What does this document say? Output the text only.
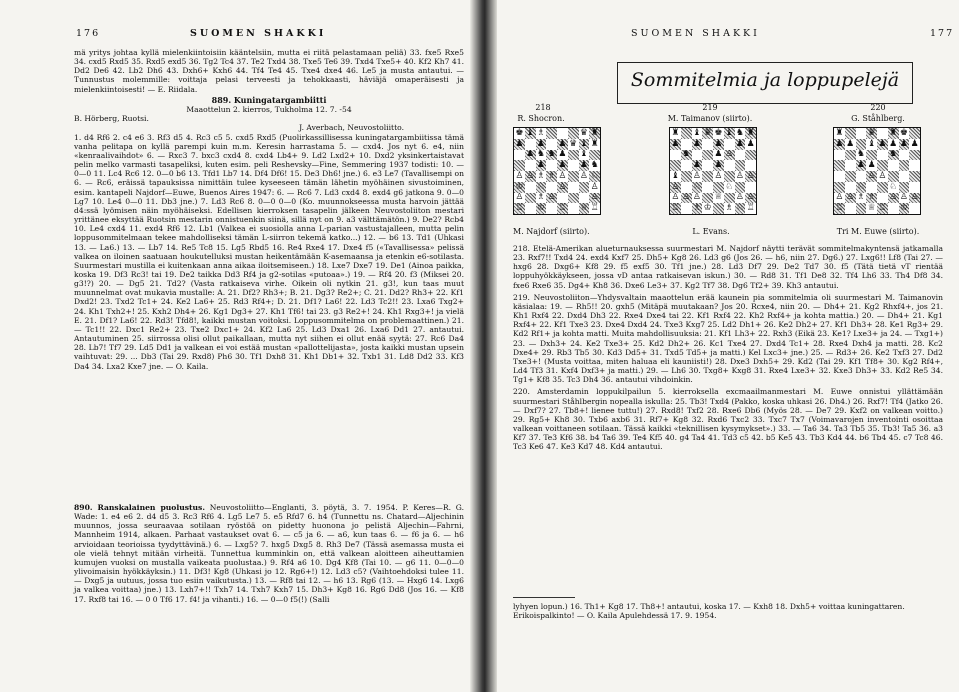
176	SUOMEN SHAKKI

mä yritys johtaa kyllä mielenkiintoisiin kääntelsiin, mutta ei riitä pelastamaan peliä) 33. fxe5 Rxe5 34. cxd5 Rxd5 35. Rxd5 exd5 36. Tg2 Tc4 37. Te2 Txd4 38. Txe5 Te6 39. Txd4 Txe5+ 40. Kf2 Kh7 41. Dd2 De6 42. Lb2 Dh6 43. Dxh6+ Kxh6 44. Tf4 Te4 45. Txe4 dxe4 46. Le5 ja musta antautui. — Tunnustus molemmille: voittaja pelasi terveesti ja tehokkaasti, häviäjä omaperäisesti ja mielenkiintoisesti! — E. Riidala.

889. Kuningatargambiitti

Maaottelun 2. kierros, Tukholma 12. 7. -54

B. Hörberg, Ruotsi.

J. Averbach, Neuvostoliitto.

1. d4 Rf6 2. c4 e6 3. Rf3 d5 4. Rc3 c5 5. cxd5 Rxd5 (Puolirkassillisessa kuningatargambiitissa tämä vanha pelitapa on kyllä parempi kuin m.m. Keresin harrastama 5. — cxd4. Jos nyt 6. e4, niin «kenraalivaihdot» 6. — Rxc3 7. bxc3 cxd4 8. cxd4 Lb4+ 9. Ld2 Lxd2+ 10. Dxd2 yksinkertaistavat pelin melko varmasti tasapeliksi, kuten esim. peli Reshevsky—Fine, Semmering 1937 todisti: 10. — 0—0 11. Lc4 Rc6 12. 0—0 b6 13. Tfd1 Lb7 14. Df4 Df6! 15. De3 Dh6! jne.) 6. e3 Le7 (Tavallisempi on 6. — Rc6, eräissä tapauksissa nimittäin tulee kyseeseen tämän lähetin myöhäinen sivustoiminen, esim. kantapeli Najdorf—Euwe, Buenos Aires 1947: 6. — Rc6 7. Ld3 cxd4 8. exd4 g6 jatkona 9. 0—0 Lg7 10. Le4 0—0 11. Db3 jne.) 7. Ld3 Rc6 8. 0—0 0—0 (Ko. muunnokseessa musta harvoin jättää d4:ssä lyömisen näin myöhäiseksi. Edellisen kierroksen tasapelin jälkeen Neuvostoliiton mestari yrittänee eksyttää Ruotsin mestarin onnistuenkin siinä, sillä nyt on 9. a3 välttämätön.) 9. De2? Rcb4 10. Le4 cxd4 11. exd4 Rf6 12. Lb1 (Valkea ei suosiolla anna L-parian vastustajalleen, mutta pelin loppusommitelmaan tekee mahdolliseksi tämän L-siirron tekemä katko...) 12. — b6 13. Td1 (Uhkasi 13. — La6.) 13. — Lb7 14. Re5 Tc8 15. Lg5 Rbd5 16. Re4 Rxe4 17. Dxe4 f5 («Tavallisessa» pelissä valkea on iloinen saatuaan houkutelluksi mustan heikentämään K-asemaansa ja etenkin e6-sotilasta. Suurmestari mustilla ei kuitenkaan anna aikaa iloitsemiseen.) 18. Lxe7 Dxe7 19. De1 (Ainoa paikka, koska 19. Df3 Rc3! tai 19. De2 taikka Dd3 Rf4 ja g2-sotilas «putoaa».) 19. — Rf4 20. f3 (Miksei 20. g3!?) 20. — Dg5 21. Td2? (Vasta ratkaiseva virhe. Oikein oli nytkin 21. g3!, kun taas muut muunnelmat ovat mukavia mustalle: A. 21. Df2? Rh3+; B. 21. Dg3? Re2+; C. 21. Dd2? Rh3+ 22. Kf1 Dxd2! 23. Txd2 Tc1+ 24. Ke2 La6+ 25. Rd3 Rf4+; D. 21. Df1? La6! 22. Ld3 Tc2!! 23. Lxa6 Txg2+ 24. Kh1 Txh2+! 25. Kxh2 Dh4+ 26. Kg1 Dg3+ 27. Kh1 Tf6! tai 23. g3 Re2+! 24. Kh1 Rxg3+! ja vielä E. 21. Df1? La6! 22. Rd3! Tfd8!, kaikki mustan voitoksi. Loppusommitelma on problemaattinen.) 21. — Tc1!! 22. Dxc1 Re2+ 23. Txe2 Dxc1+ 24. Kf2 La6 25. Ld3 Dxa1 26. Lxa6 Dd1 27. antautui. Antautuminen 25. siirrossa olisi ollut paikallaan, mutta nyt siihen ei ollut enää syytä: 27. Rc6 Da4 28. Lb7! Tf7 29. Ld5 Dd1 ja valkean ei voi estää mustan «pallottelijasta», josta kaikki mustan upsein vaihtuvat: 29. ... Db3 (Tai 29. Rxd8) Ph6 30. Tf1 Dxh8 31. Kh1 Db1+ 32. Txb1 31. Ld8 Dd2 33. Kf3 Da4 34. Lxa2 Kxe7 jne. — O. Kaila.

890. Ranskalainen puolustus. Neuvostoliitto—Englanti, 3. pöytä, 3. 7. 1954. P. Keres—R. G. Wade: 1. e4 e6 2. d4 d5 3. Rc3 Rf6 4. Lg5 Le7 5. e5 Rfd7 6. h4 (Tunnettu ns. Chatard—Aljechinin muunnos, jossa seuraavaa sotilaan ryöstöä on pidetty huonona jo pelistä Aljechin—Fahrni, Mannheim 1914, alkaen. Parhaat vastaukset ovat 6. — c5 ja 6. — a6, kun taas 6. — f6 ja 6. — h6 arvioidaan teorioissa tyydyttävinä.) 6. — Lxg5? 7. hxg5 Dxg5 8. Rh3 De7 (Tässä asemassa musta ei ole vielä tehnyt mitään virheitä. Tunnettua kumminkin on, että valkean aloitteen aiheuttamien kumujen vuoksi on mustalla vaikeata puolustaa.) 9. Rf4 a6 10. Dg4 Kf8 (Tai 10. — g6 11. 0—0—0 ylivoimaisin hyökkäyksin.) 11. Df3! Kg8 (Uhkasi jo 12. Rg6+!) 12. Ld3 c5? (Vaihtoehdoksi tulee 11. — Dxg5 ja uutuus, jossa tuo esiin vaikutusta.) 13. — Rf8 tai 12. — h6 13. Rg6 (13. — Hxg6 14. Lxg6 ja valkea voittaa) jne.) 13. Lxh7+!! Txh7 14. Txh7 Kxh7 15. Dh3+ Kg8 16. Rg6 Dd8 (Jos 16. — Kf8 17. Rxf8 tai 16. — 0 0 Tf6 17. f4! ja vihanti.) 16. — 0—0 f5(!) (Salli

SUOMEN SHAKKI	177
Sommitelmia ja loppupelejä
218
R. Shocron.
♚ ♝ ♗	♛ ♜
♟ ♟ ♟ ♛ ♝ ♜
♟ ♞ ♞ ♟ ♝
♟ ♟ ♟ ♞
♙ ♙ ♗ ♗ ♙ ♙ ♘
♔ ♘ ♙	♙
♙ ♗ ♙	♙
♖ ♔ ♖ ♕ ♖
M. Najdorf (siirto).
219
M. Taimanov (siirto).
♜ ♝ ♛ ♚ ♝ ♞ ♜
♟ ♟ ♟ ♟ ♟
♞	♟ ♙
♟ ♟
♝ ♙ ♙ ♙ ♙
♙ ♘	♘
♙ ♙ ♙ ♕ ♙ ♙
♖ ♗ ♔ ♗ ♘ ♖
L. Evans.
220
G. Ståhlberg.
♜	♛ ♜ ♚
♟ ♟ ♝ ♟ ♟ ♟ ♟
♞	♞
♟ ♟
♙ ♙
♘	♘
♙ ♙ ♗ ♗ ♙ ♙ ♙
♖	♕ ♖ ♔
Tri M. Euwe (siirto).

218. Etelä-Amerikan alueturnauksessa suurmestari M. Najdorf näytti terävät sommitelmakyntensä jatkamalla 23. Rxf7!! Txd4 24. exd4 Kxf7 25. Dh5+ Kg8 26. Ld3 g6 (Jos 26. — h6, niin 27. Dg6.) 27. Lxg6!! Lf8 (Tai 27. — hxg6 28. Dxg6+ Kf8 29. f5 exf5 30. Tf1 jne.) 28. Ld3 Df7 29. De2 Td7 30. f5 (Tätä tietä vT rientää loppuhyökkäykseen, jossa vD antaa ratkaisevan iskun.) 30. — Rd8 31. Tf1 De8 32. Tf4 Lh6 33. Th4 Df8 34. fxe6 Rxe6 35. Dg4+ Kh8 36. Dxe6 Le3+ 37. Kg2 Tf7 38. Dg6 Tf2+ 39. Kh3 antautui.

219. Neuvostoliiton—Yhdysvaltain maaottelun erää kaunein pia sommitelmia oli suurmestari M. Taimanovin käsialaa: 19. — Rh5!! 20. gxh5 (Mitäpä muutakaan? Jos 20. Rcxe4, niin 20. — Dh4+ 21. Kg2 Rhxf4+, jos 21. Kh1 Rxf4 22. Dxd4 Dh3 22. Rxe4 Dxe4 tai 22. Kf1 Rxf4 22. Kh2 Rxf4+ ja kohta mattia.) 20. — Dh4+ 21. Kg1 Rxf4+ 22. Kf1 Txe3 23. Dxe4 Dxd4 24. Txe3 Kxg7 25. Ld2 Dh1+ 26. Ke2 Dh2+ 27. Kf1 Dh3+ 28. Ke1 Rg3+ 29. Kd2 Rf1+ ja kohta matti. Muita mahdollisuuksia: 21. Kf1 Lh3+ 22. Rxh3 (Eikä 23. Ke1? Lxe3+ ja 24. — Txg1+) 23. — Dxh3+ 24. Ke2 Txe3+ 25. Kd2 Dh2+ 26. Kc1 Txe4 27. Dxd4 Tc1+ 28. Rxe4 Dxh4 ja matti. 28. Kc2 Dxe4+ 29. Rb3 Tb5 30. Kd3 Dd5+ 31. Txd5 Td5+ ja matti.) Kel Lxc3+ jne.) 25. — Rd3+ 26. Ke2 Txf3 27. Dd2 Txe3+! (Musta voittaa, miten haluaa eli kauniisti!) 28. Dxe3 Dxh5+ 29. Kd2 (Tai 29. Kf1 Tf8+ 30. Kg2 Rf4+, Ld4 Tf3 31. Kxf4 Dxf3+ ja matti.) 29. — Lh6 30. Txg8+ Kxg8 31. Rxe4 Lxe3+ 32. Kxe3 Dh3+ 33. Kd2 Re5 34. Tg1+ Kf8 35. Tc3 Dh4 36. antautui vihdoinkin.

220. Amsterdamin loppukilpailun 5. kierroksella excmaailmanmestari M. Euwe onnistui yllättämään suurmestari Ståhlbergin nopealla iskulla: 25. Tb3! Txd4 (Pakko, koska uhkasi 26. Dh4.) 26. Rxf7! Tf4 (Jatko 26. — Dxf7? 27. Tb8+! lienee tuttu!) 27. Rxd8! Txf2 28. Rxe6 Db6 (Myös 28. — De7 29. Kxf2 on valkean voitto.) 29. Rg5+ Kh8 30. Txb6 axb6 31. Rf7+ Kg8 32. Rxd6 Txc2 33. Txc7 Tx7 (Voimavarojen inventointi osoittaa valkean voittaneen sotilaan. Tässä kaikki «teknillisen kysymykset».) 33. — Ta6 34. Ta3 Tb5 35. Tb3! Ta5 36. a3 Kf7 37. Te3 Kf6 38. b4 Ta6 39. Te4 Kf5 40. g4 Ta4 41. Td3 c5 42. b5 Ke5 43. Tb3 Kd4 44. b6 Tb4 45. c7 Tc8 46. Tc3 Ke6 47. Ke3 Kd7 48. Kd4 antautui.

lyhyen lopun.) 16. Th1+ Kg8 17. Th8+! antautui, koska 17. — Kxh8 18. Dxh5+ voittaa kuningattaren. Erikoispalkinto! — O. Kaila Apulehdessä 17. 9. 1954.
